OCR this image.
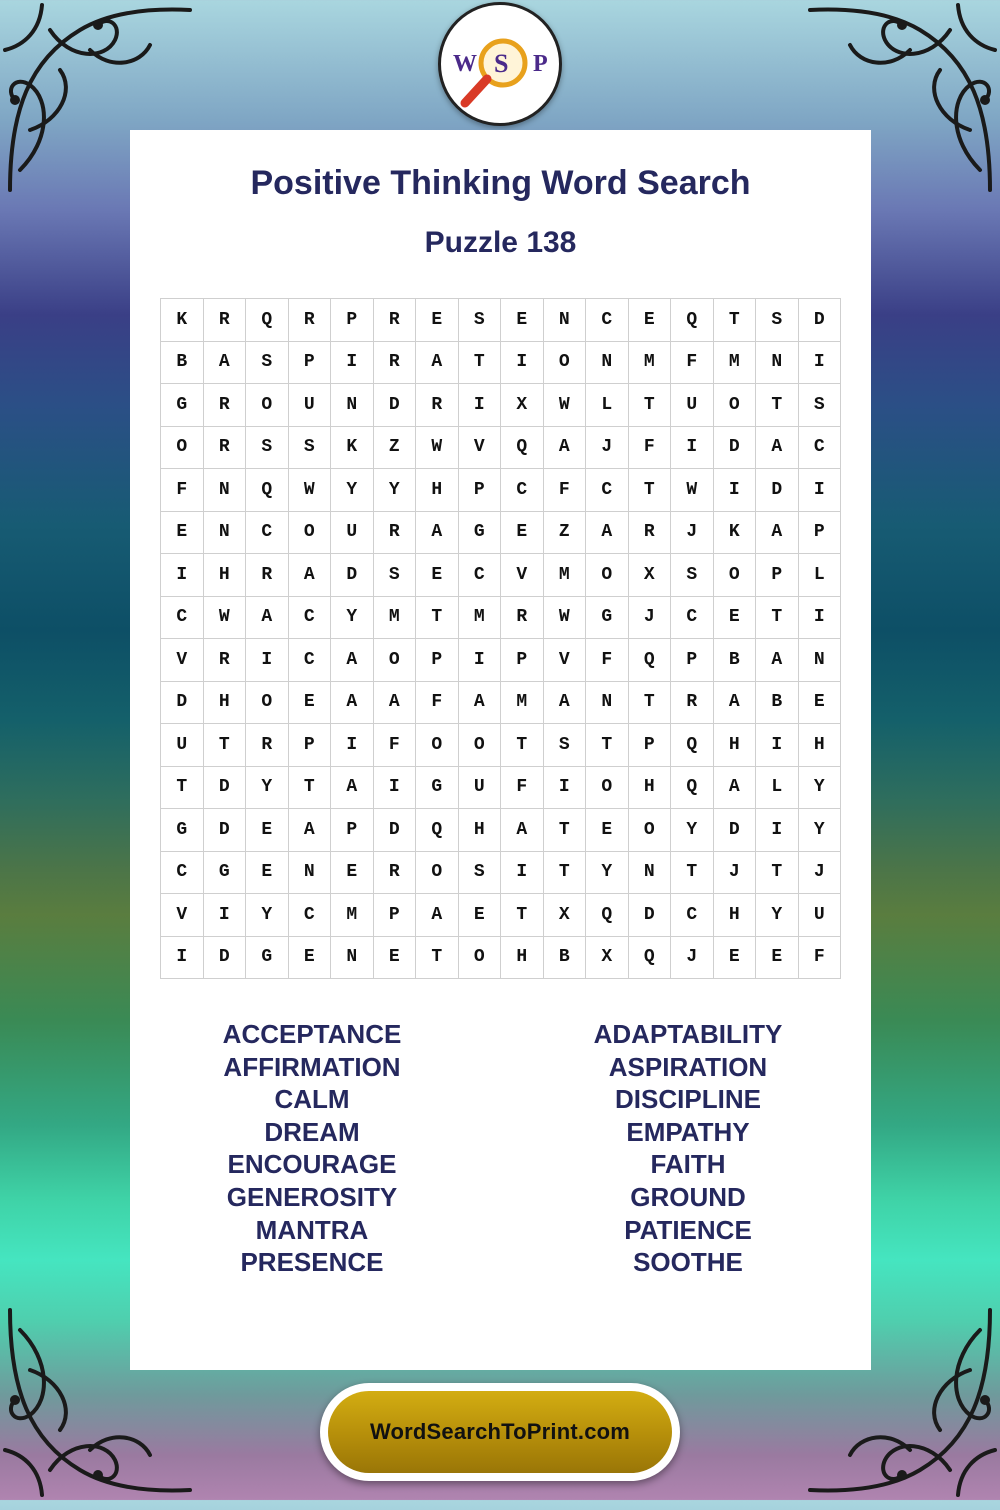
W S P
Positive Thinking Word Search
Puzzle 138
K	R	Q	R	P	R	E	S	E	N	C	E	Q	T	S	D
B	A	S	P	I	R	A	T	I	O	N	M	F	M	N	I
G	R	O	U	N	D	R	I	X	W	L	T	U	O	T	S
O	R	S	S	K	Z	W	V	Q	A	J	F	I	D	A	C
F	N	Q	W	Y	Y	H	P	C	F	C	T	W	I	D	I
E	N	C	O	U	R	A	G	E	Z	A	R	J	K	A	P
I	H	R	A	D	S	E	C	V	M	O	X	S	O	P	L
C	W	A	C	Y	M	T	M	R	W	G	J	C	E	T	I
V	R	I	C	A	O	P	I	P	V	F	Q	P	B	A	N
D	H	O	E	A	A	F	A	M	A	N	T	R	A	B	E
U	T	R	P	I	F	O	O	T	S	T	P	Q	H	I	H
T	D	Y	T	A	I	G	U	F	I	O	H	Q	A	L	Y
G	D	E	A	P	D	Q	H	A	T	E	O	Y	D	I	Y
C	G	E	N	E	R	O	S	I	T	Y	N	T	J	T	J
V	I	Y	C	M	P	A	E	T	X	Q	D	C	H	Y	U
I	D	G	E	N	E	T	O	H	B	X	Q	J	E	E	F
ACCEPTANCE
AFFIRMATION
CALM
DREAM
ENCOURAGE
GENEROSITY
MANTRA
PRESENCE
ADAPTABILITY
ASPIRATION
DISCIPLINE
EMPATHY
FAITH
GROUND
PATIENCE
SOOTHE
WordSearchToPrint.com
